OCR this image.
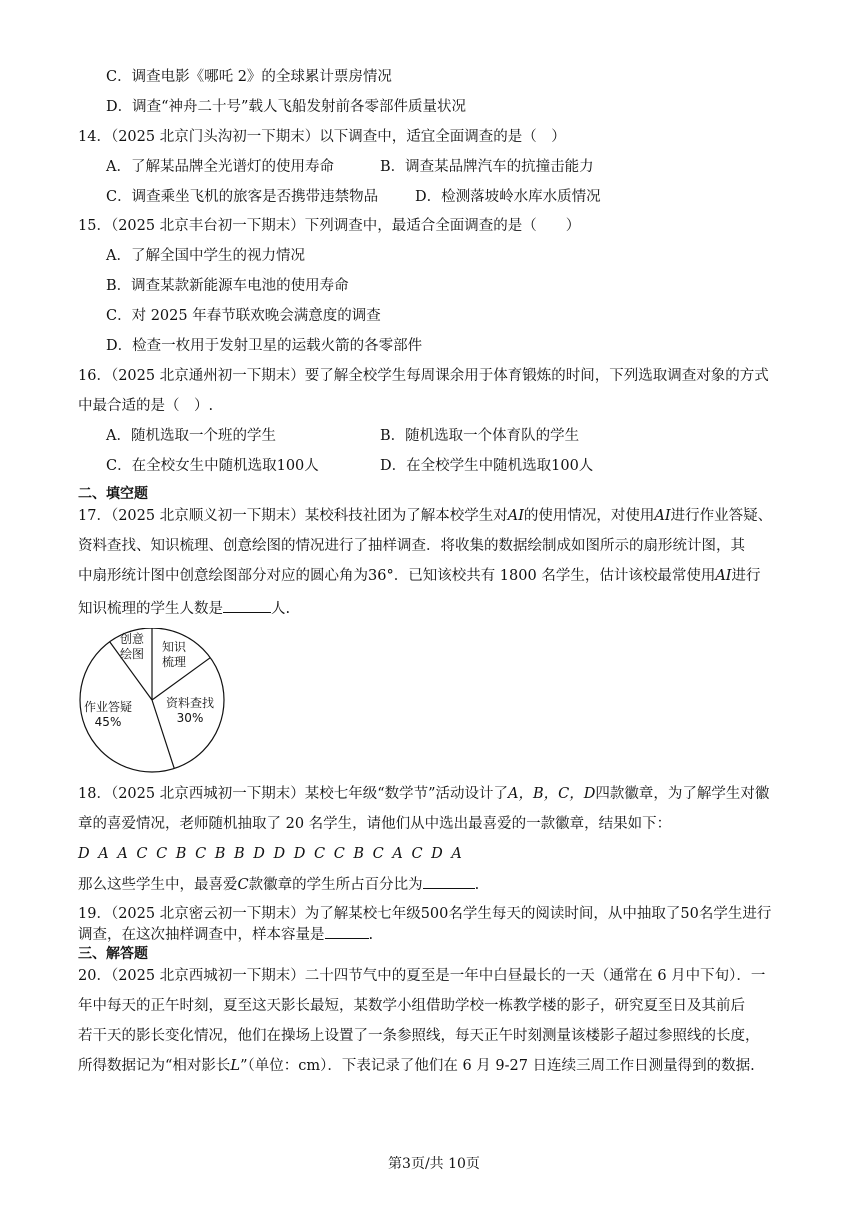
C．调查电影《哪吒 2》的全球累计票房情况
D．调查“神舟二十号”载人飞船发射前各零部件质量状况
14．（2025 北京门头沟初一下期末）以下调查中，适宜全面调查的是（　）
A．了解某品牌全光谱灯的使用寿命	B．调查某品牌汽车的抗撞击能力
C．调查乘坐飞机的旅客是否携带违禁物品	D．检测落坡岭水库水质情况
15．（2025 北京丰台初一下期末）下列调查中，最适合全面调查的是（　　）
A．了解全国中学生的视力情况
B．调查某款新能源车电池的使用寿命
C．对 2025 年春节联欢晚会满意度的调查
D．检查一枚用于发射卫星的运载火箭的各零部件
16．（2025 北京通州初一下期末）要了解全校学生每周课余用于体育锻炼的时间，下列选取调查对象的方式
中最合适的是（　）.
A．随机选取一个班的学生	B．随机选取一个体育队的学生
C．在全校女生中随机选取100人	D．在全校学生中随机选取100人
二、填空题
17．（2025 北京顺义初一下期末）某校科技社团为了解本校学生对AI的使用情况，对使用AI进行作业答疑、
资料查找、知识梳理、创意绘图的情况进行了抽样调查．将收集的数据绘制成如图所示的扇形统计图，其
中扇形统计图中创意绘图部分对应的圆心角为36°．已知该校共有 1800 名学生，估计该校最常使用AI进行
知识梳理的学生人数是	人.
创意
绘图 知识
梳理
资料查找
30%
作业答疑
45%
18．（2025 北京西城初一下期末）某校七年级“数学节”活动设计了A，B，C，D四款徽章，为了解学生对徽
章的喜爱情况，老师随机抽取了 20 名学生，请他们从中选出最喜爱的一款徽章，结果如下：
D A A C C B C B B D D D C C B C A C D A
那么这些学生中，最喜爱C款徽章的学生所占百分比为	.
19．（2025 北京密云初一下期末）为了解某校七年级500名学生每天的阅读时间，从中抽取了50名学生进行
调查，在这次抽样调查中，样本容量是	.
三、解答题
20．（2025 北京西城初一下期末）二十四节气中的夏至是一年中白昼最长的一天（通常在 6 月中下旬）．一
年中每天的正午时刻，夏至这天影长最短，某数学小组借助学校一栋教学楼的影子，研究夏至日及其前后
若干天的影长变化情况，他们在操场上设置了一条参照线，每天正午时刻测量该楼影子超过参照线的长度，
所得数据记为“相对影长L”（单位：cm）．下表记录了他们在 6 月 9-27 日连续三周工作日测量得到的数据.
第3页/共 10页
